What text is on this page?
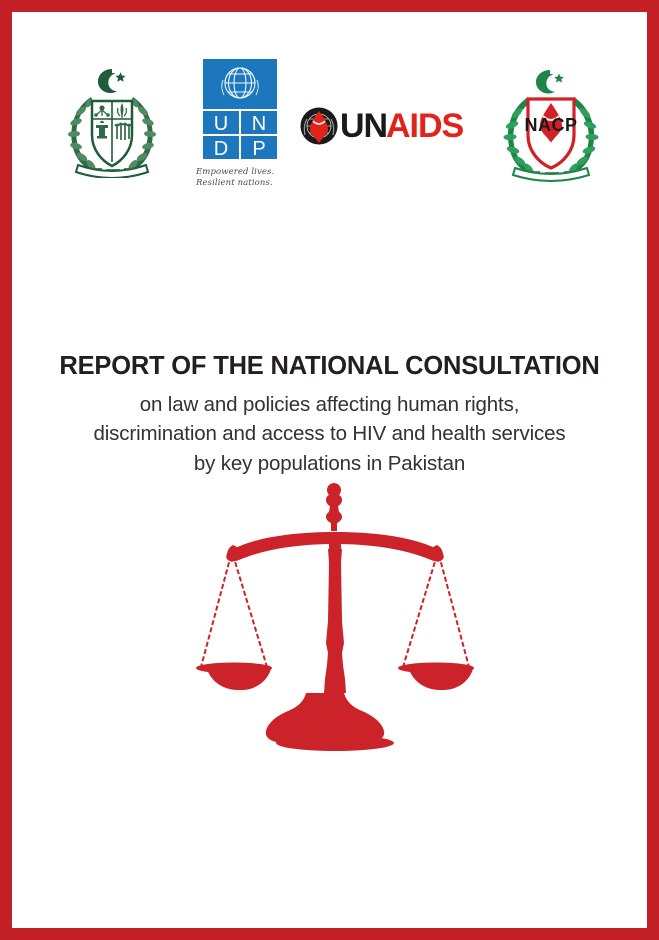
U N
D P
Empowered lives.
Resilient nations.
UN
AIDS	NACP
REPORT OF THE NATIONAL CONSULTATION

on law and policies affecting human rights,

discrimination and access to HIV and health services

by key populations in Pakistan
